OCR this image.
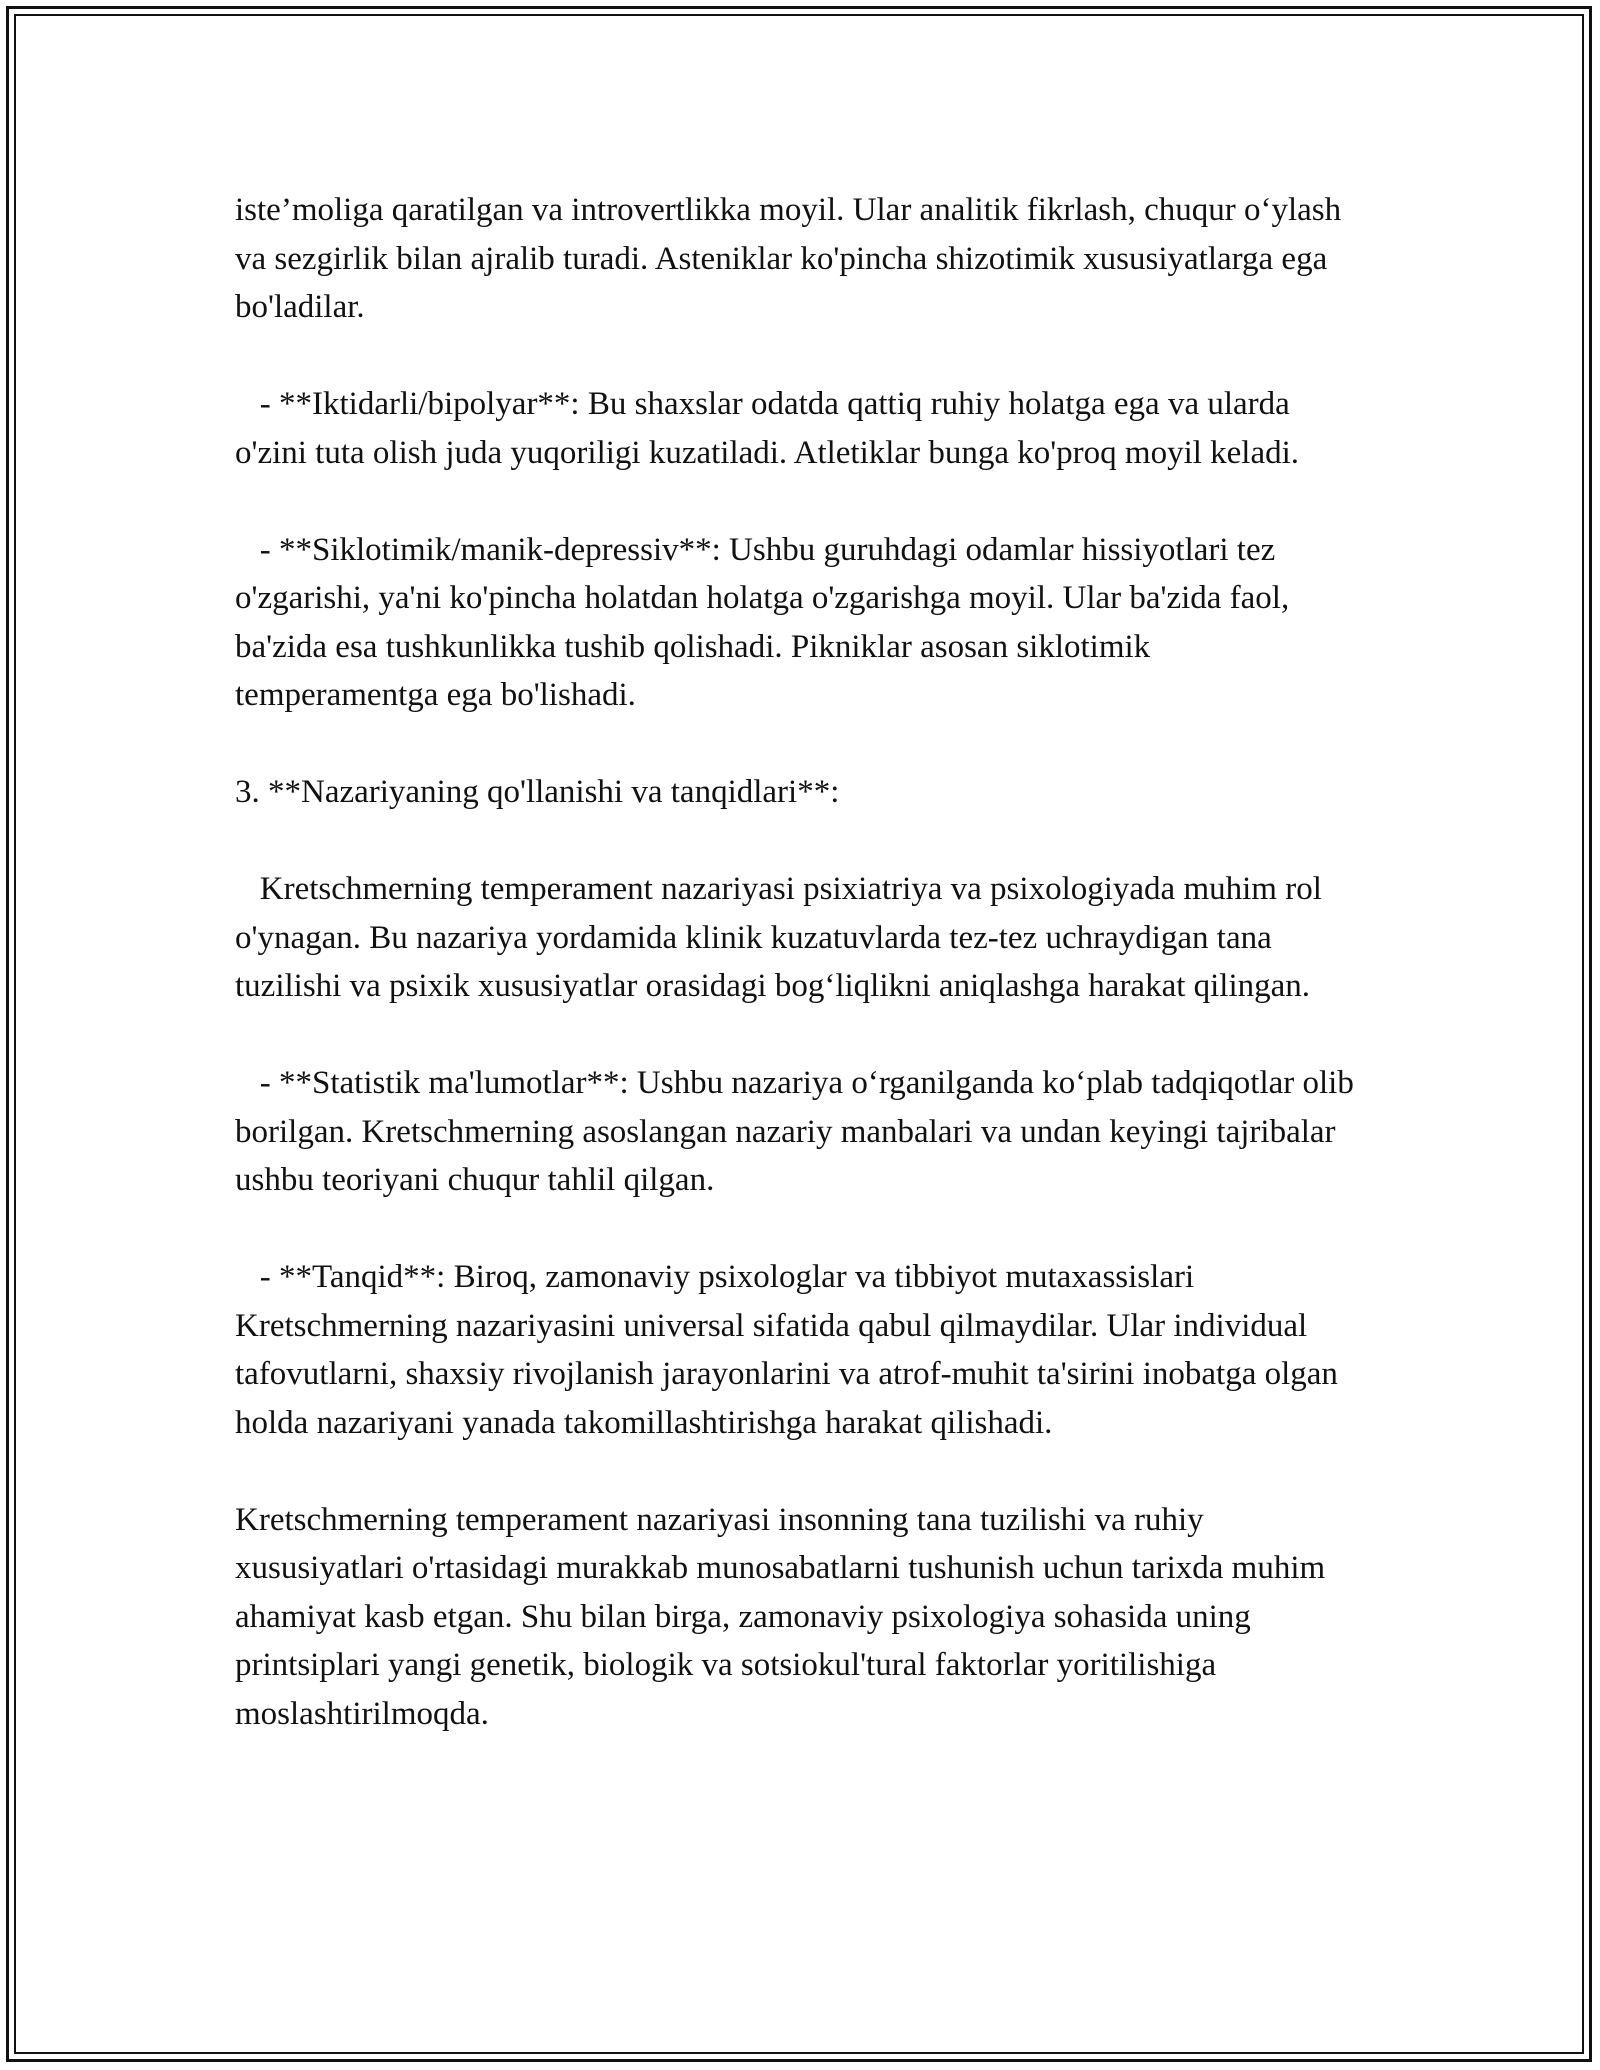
iste’moliga qaratilgan va introvertlikka moyil. Ular analitik fikrlash, chuqur o‘ylash va sezgirlik bilan ajralib turadi. Asteniklar ko'pincha shizotimik xususiyatlarga ega bo'ladilar.

- **Iktidarli/bipolyar**: Bu shaxslar odatda qattiq ruhiy holatga ega va ularda o'zini tuta olish juda yuqoriligi kuzatiladi. Atletiklar bunga ko'proq moyil keladi.

- **Siklotimik/manik-depressiv**: Ushbu guruhdagi odamlar hissiyotlari tez o'zgarishi, ya'ni ko'pincha holatdan holatga o'zgarishga moyil. Ular ba'zida faol, ba'zida esa tushkunlikka tushib qolishadi. Pikniklar asosan siklotimik temperamentga ega bo'lishadi.

3. **Nazariyaning qo'llanishi va tanqidlari**:

Kretschmerning temperament nazariyasi psixiatriya va psixologiyada muhim rol o'ynagan. Bu nazariya yordamida klinik kuzatuvlarda tez-tez uchraydigan tana tuzilishi va psixik xususiyatlar orasidagi bog‘liqlikni aniqlashga harakat qilingan.

- **Statistik ma'lumotlar**: Ushbu nazariya o‘rganilganda ko‘plab tadqiqotlar olib borilgan. Kretschmerning asoslangan nazariy manbalari va undan keyingi tajribalar ushbu teoriyani chuqur tahlil qilgan.

- **Tanqid**: Biroq, zamonaviy psixologlar va tibbiyot mutaxassislari Kretschmerning nazariyasini universal sifatida qabul qilmaydilar. Ular individual tafovutlarni, shaxsiy rivojlanish jarayonlarini va atrof-muhit ta'sirini inobatga olgan holda nazariyani yanada takomillashtirishga harakat qilishadi.

Kretschmerning temperament nazariyasi insonning tana tuzilishi va ruhiy xususiyatlari o'rtasidagi murakkab munosabatlarni tushunish uchun tarixda muhim ahamiyat kasb etgan. Shu bilan birga, zamonaviy psixologiya sohasida uning printsiplari yangi genetik, biologik va sotsiokul'tural faktorlar yoritilishiga moslashtirilmoqda.
